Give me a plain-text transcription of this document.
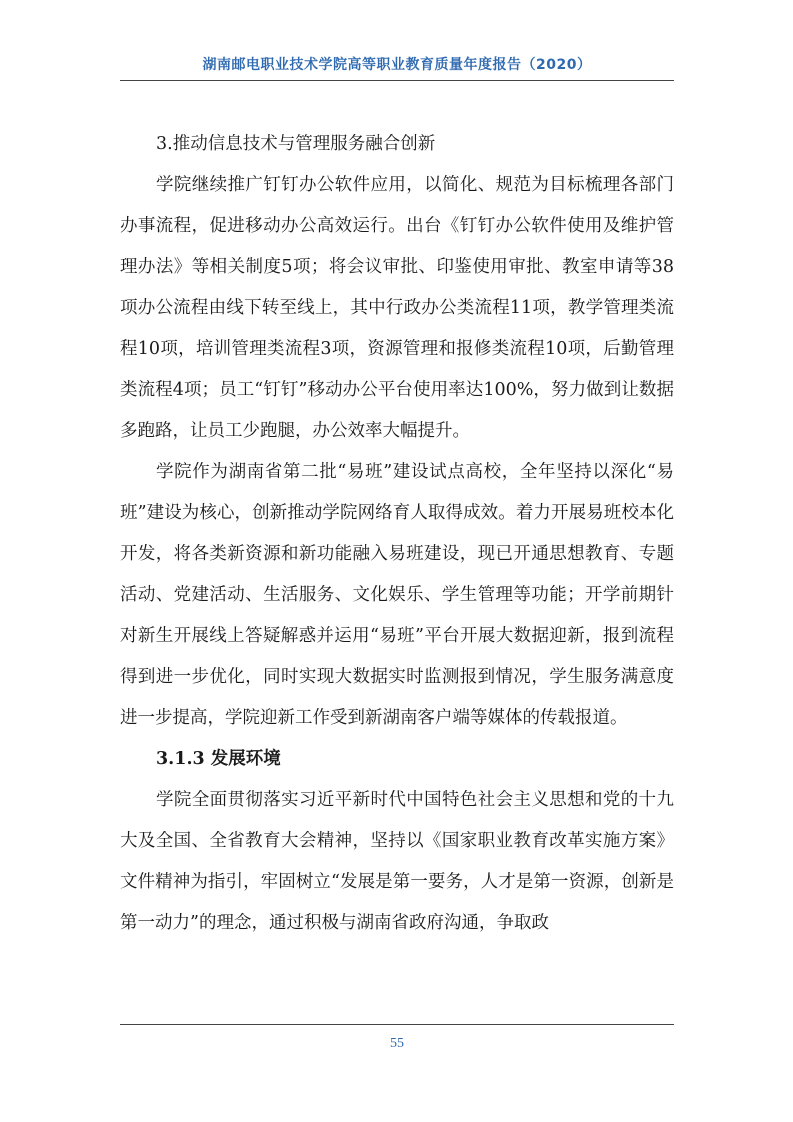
湖南邮电职业技术学院高等职业教育质量年度报告（2020）

3.推动信息技术与管理服务融合创新

学院继续推广钉钉办公软件应用，以简化、规范为目标梳理各部门办事流程，促进移动办公高效运行。出台《钉钉办公软件使用及维护管理办法》等相关制度5项；将会议审批、印鉴使用审批、教室申请等38项办公流程由线下转至线上，其中行政办公类流程11项，教学管理类流程10项，培训管理类流程3项，资源管理和报修类流程10项，后勤管理类流程4项；员工“钉钉”移动办公平台使用率达100%，努力做到让数据多跑路，让员工少跑腿，办公效率大幅提升。

学院作为湖南省第二批“易班”建设试点高校，全年坚持以深化“易班”建设为核心，创新推动学院网络育人取得成效。着力开展易班校本化开发，将各类新资源和新功能融入易班建设，现已开通思想教育、专题活动、党建活动、生活服务、文化娱乐、学生管理等功能；开学前期针对新生开展线上答疑解惑并运用“易班”平台开展大数据迎新，报到流程得到进一步优化，同时实现大数据实时监测报到情况，学生服务满意度进一步提高，学院迎新工作受到新湖南客户端等媒体的传载报道。

3.1.3 发展环境

学院全面贯彻落实习近平新时代中国特色社会主义思想和党的十九大及全国、全省教育大会精神，坚持以《国家职业教育改革实施方案》文件精神为指引，牢固树立“发展是第一要务，人才是第一资源，创新是第一动力”的理念，通过积极与湖南省政府沟通，争取政

55
